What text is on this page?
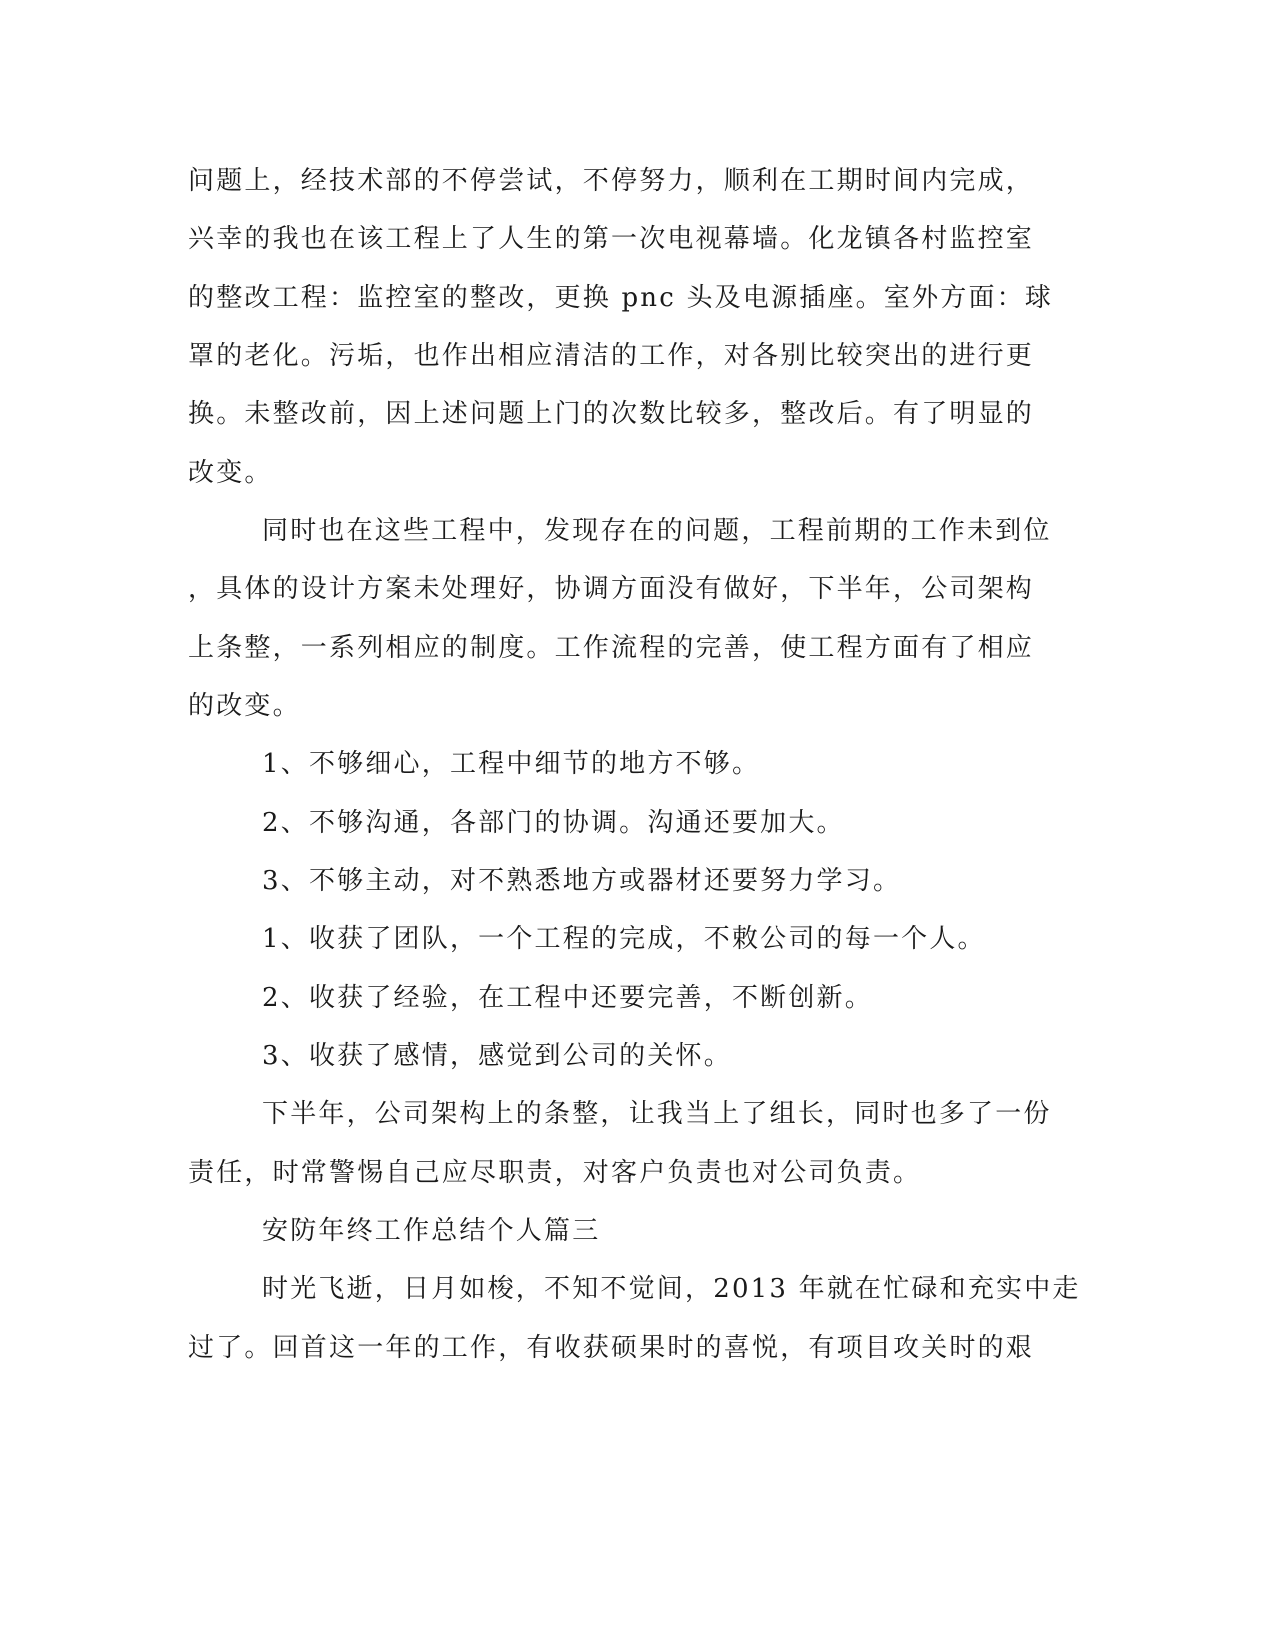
问题上，经技术部的不停尝试，不停努力，顺利在工期时间内完成，
兴幸的我也在该工程上了人生的第一次电视幕墙。化龙镇各村监控室
的整改工程：监控室的整改，更换 pnc 头及电源插座。室外方面：球
罩的老化。污垢，也作出相应清洁的工作，对各别比较突出的进行更
换。未整改前，因上述问题上门的次数比较多，整改后。有了明显的
改变。
同时也在这些工程中，发现存在的问题，工程前期的工作未到位
，具体的设计方案未处理好，协调方面没有做好，下半年，公司架构
上条整，一系列相应的制度。工作流程的完善，使工程方面有了相应
的改变。
1、不够细心，工程中细节的地方不够。
2、不够沟通，各部门的协调。沟通还要加大。
3、不够主动，对不熟悉地方或器材还要努力学习。
1、收获了团队，一个工程的完成，不敕公司的每一个人。
2、收获了经验，在工程中还要完善，不断创新。
3、收获了感情，感觉到公司的关怀。
下半年，公司架构上的条整，让我当上了组长，同时也多了一份
责任，时常警惕自己应尽职责，对客户负责也对公司负责。
安防年终工作总结个人篇三
时光飞逝，日月如梭，不知不觉间，2013 年就在忙碌和充实中走
过了。回首这一年的工作，有收获硕果时的喜悦，有项目攻关时的艰
